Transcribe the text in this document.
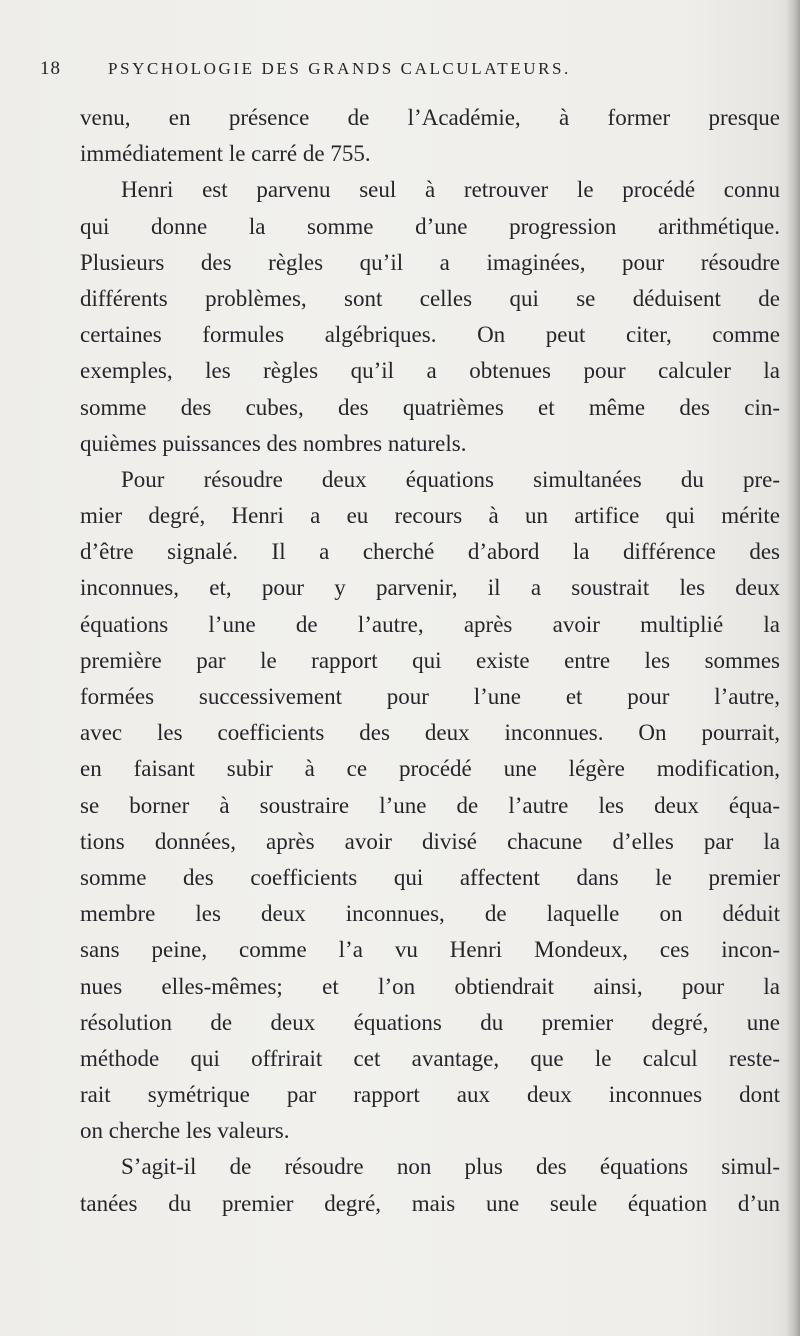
18	PSYCHOLOGIE DES GRANDS CALCULATEURS.
venu, en présence de l’Académie, à former presque
immédiatement le carré de 755.
Henri est parvenu seul à retrouver le procédé connu
qui donne la somme d’une progression arithmétique.
Plusieurs des règles qu’il a imaginées, pour résoudre
différents problèmes, sont celles qui se déduisent de
certaines formules algébriques. On peut citer, comme
exemples, les règles qu’il a obtenues pour calculer la
somme des cubes, des quatrièmes et même des cin-
quièmes puissances des nombres naturels.
Pour résoudre deux équations simultanées du pre-
mier degré, Henri a eu recours à un artifice qui mérite
d’être signalé. Il a cherché d’abord la différence des
inconnues, et, pour y parvenir, il a soustrait les deux
équations l’une de l’autre, après avoir multiplié la
première par le rapport qui existe entre les sommes
formées successivement pour l’une et pour l’autre,
avec les coefficients des deux inconnues. On pourrait,
en faisant subir à ce procédé une légère modification,
se borner à soustraire l’une de l’autre les deux équa-
tions données, après avoir divisé chacune d’elles par la
somme des coefficients qui affectent dans le premier
membre les deux inconnues, de laquelle on déduit
sans peine, comme l’a vu Henri Mondeux, ces incon-
nues elles-mêmes; et l’on obtiendrait ainsi, pour la
résolution de deux équations du premier degré, une
méthode qui offrirait cet avantage, que le calcul reste-
rait symétrique par rapport aux deux inconnues dont
on cherche les valeurs.
S’agit-il de résoudre non plus des équations simul-
tanées du premier degré, mais une seule équation d’un
